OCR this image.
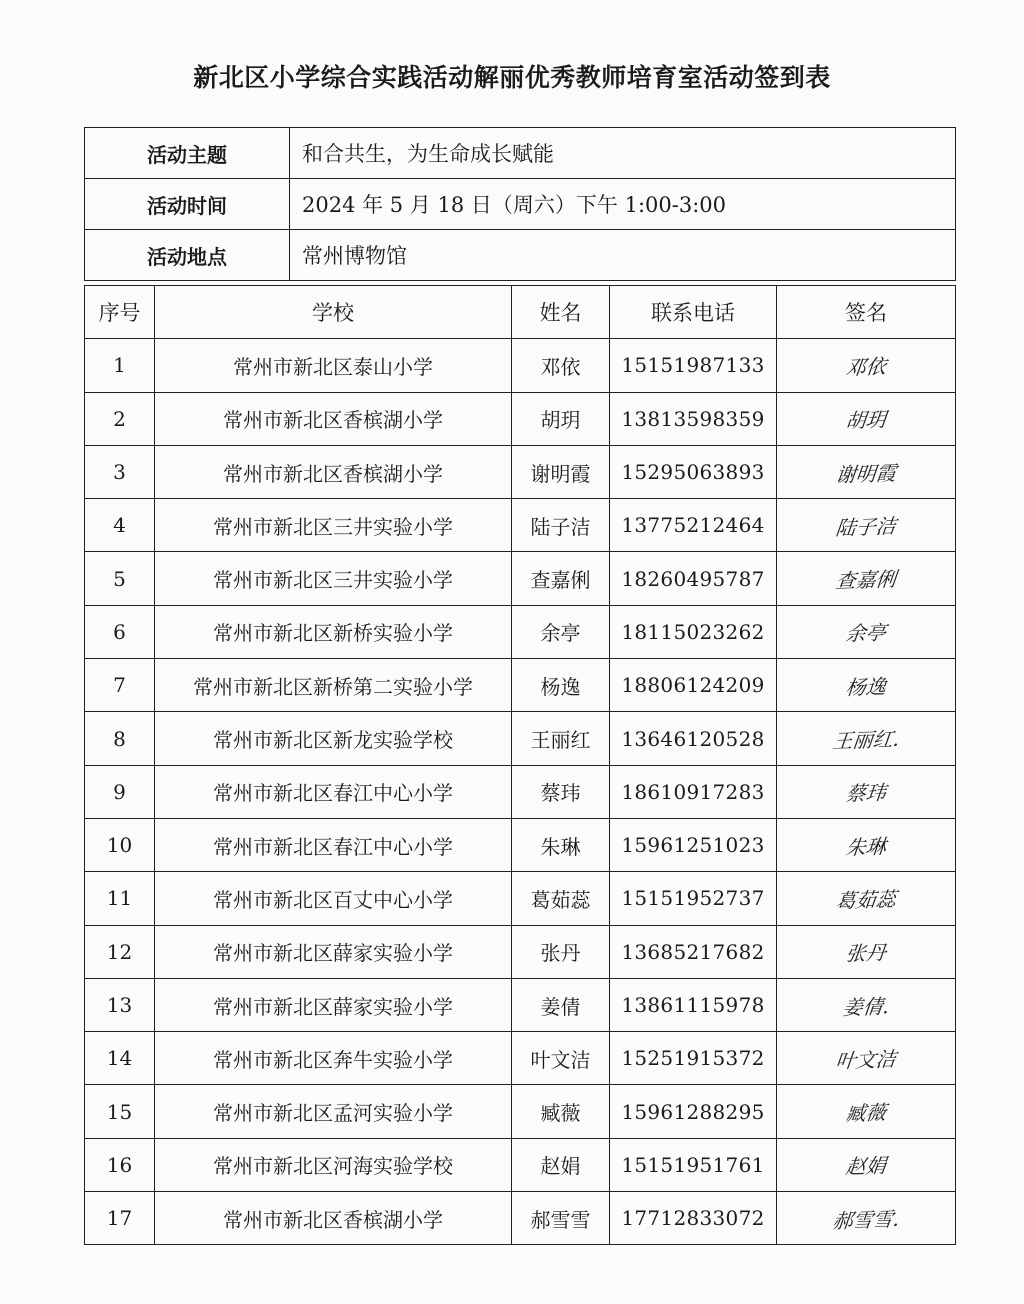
新北区小学综合实践活动解丽优秀教师培育室活动签到表
活动主题	和合共生，为生命成长赋能
活动时间	2024 年 5 月 18 日（周六）下午 1:00-3:00
活动地点	常州博物馆
序号	学校	姓名	联系电话	签名
1	常州市新北区泰山小学	邓依	15151987133	邓依
2	常州市新北区香槟湖小学	胡玥	13813598359	胡玥
3	常州市新北区香槟湖小学	谢明霞	15295063893	谢明霞
4	常州市新北区三井实验小学	陆子洁	13775212464	陆子洁
5	常州市新北区三井实验小学	查嘉俐	18260495787	查嘉俐
6	常州市新北区新桥实验小学	余亭	18115023262	余亭
7	常州市新北区新桥第二实验小学	杨逸	18806124209	杨逸
8	常州市新北区新龙实验学校	王丽红	13646120528	王丽红.
9	常州市新北区春江中心小学	蔡玮	18610917283	蔡玮
10	常州市新北区春江中心小学	朱琳	15961251023	朱琳
11	常州市新北区百丈中心小学	葛茹蕊	15151952737	葛茹蕊
12	常州市新北区薛家实验小学	张丹	13685217682	张丹
13	常州市新北区薛家实验小学	姜倩	13861115978	姜倩.
14	常州市新北区奔牛实验小学	叶文洁	15251915372	叶文洁
15	常州市新北区孟河实验小学	臧薇	15961288295	臧薇
16	常州市新北区河海实验学校	赵娟	15151951761	赵娟
17	常州市新北区香槟湖小学	郝雪雪	17712833072	郝雪雪.
